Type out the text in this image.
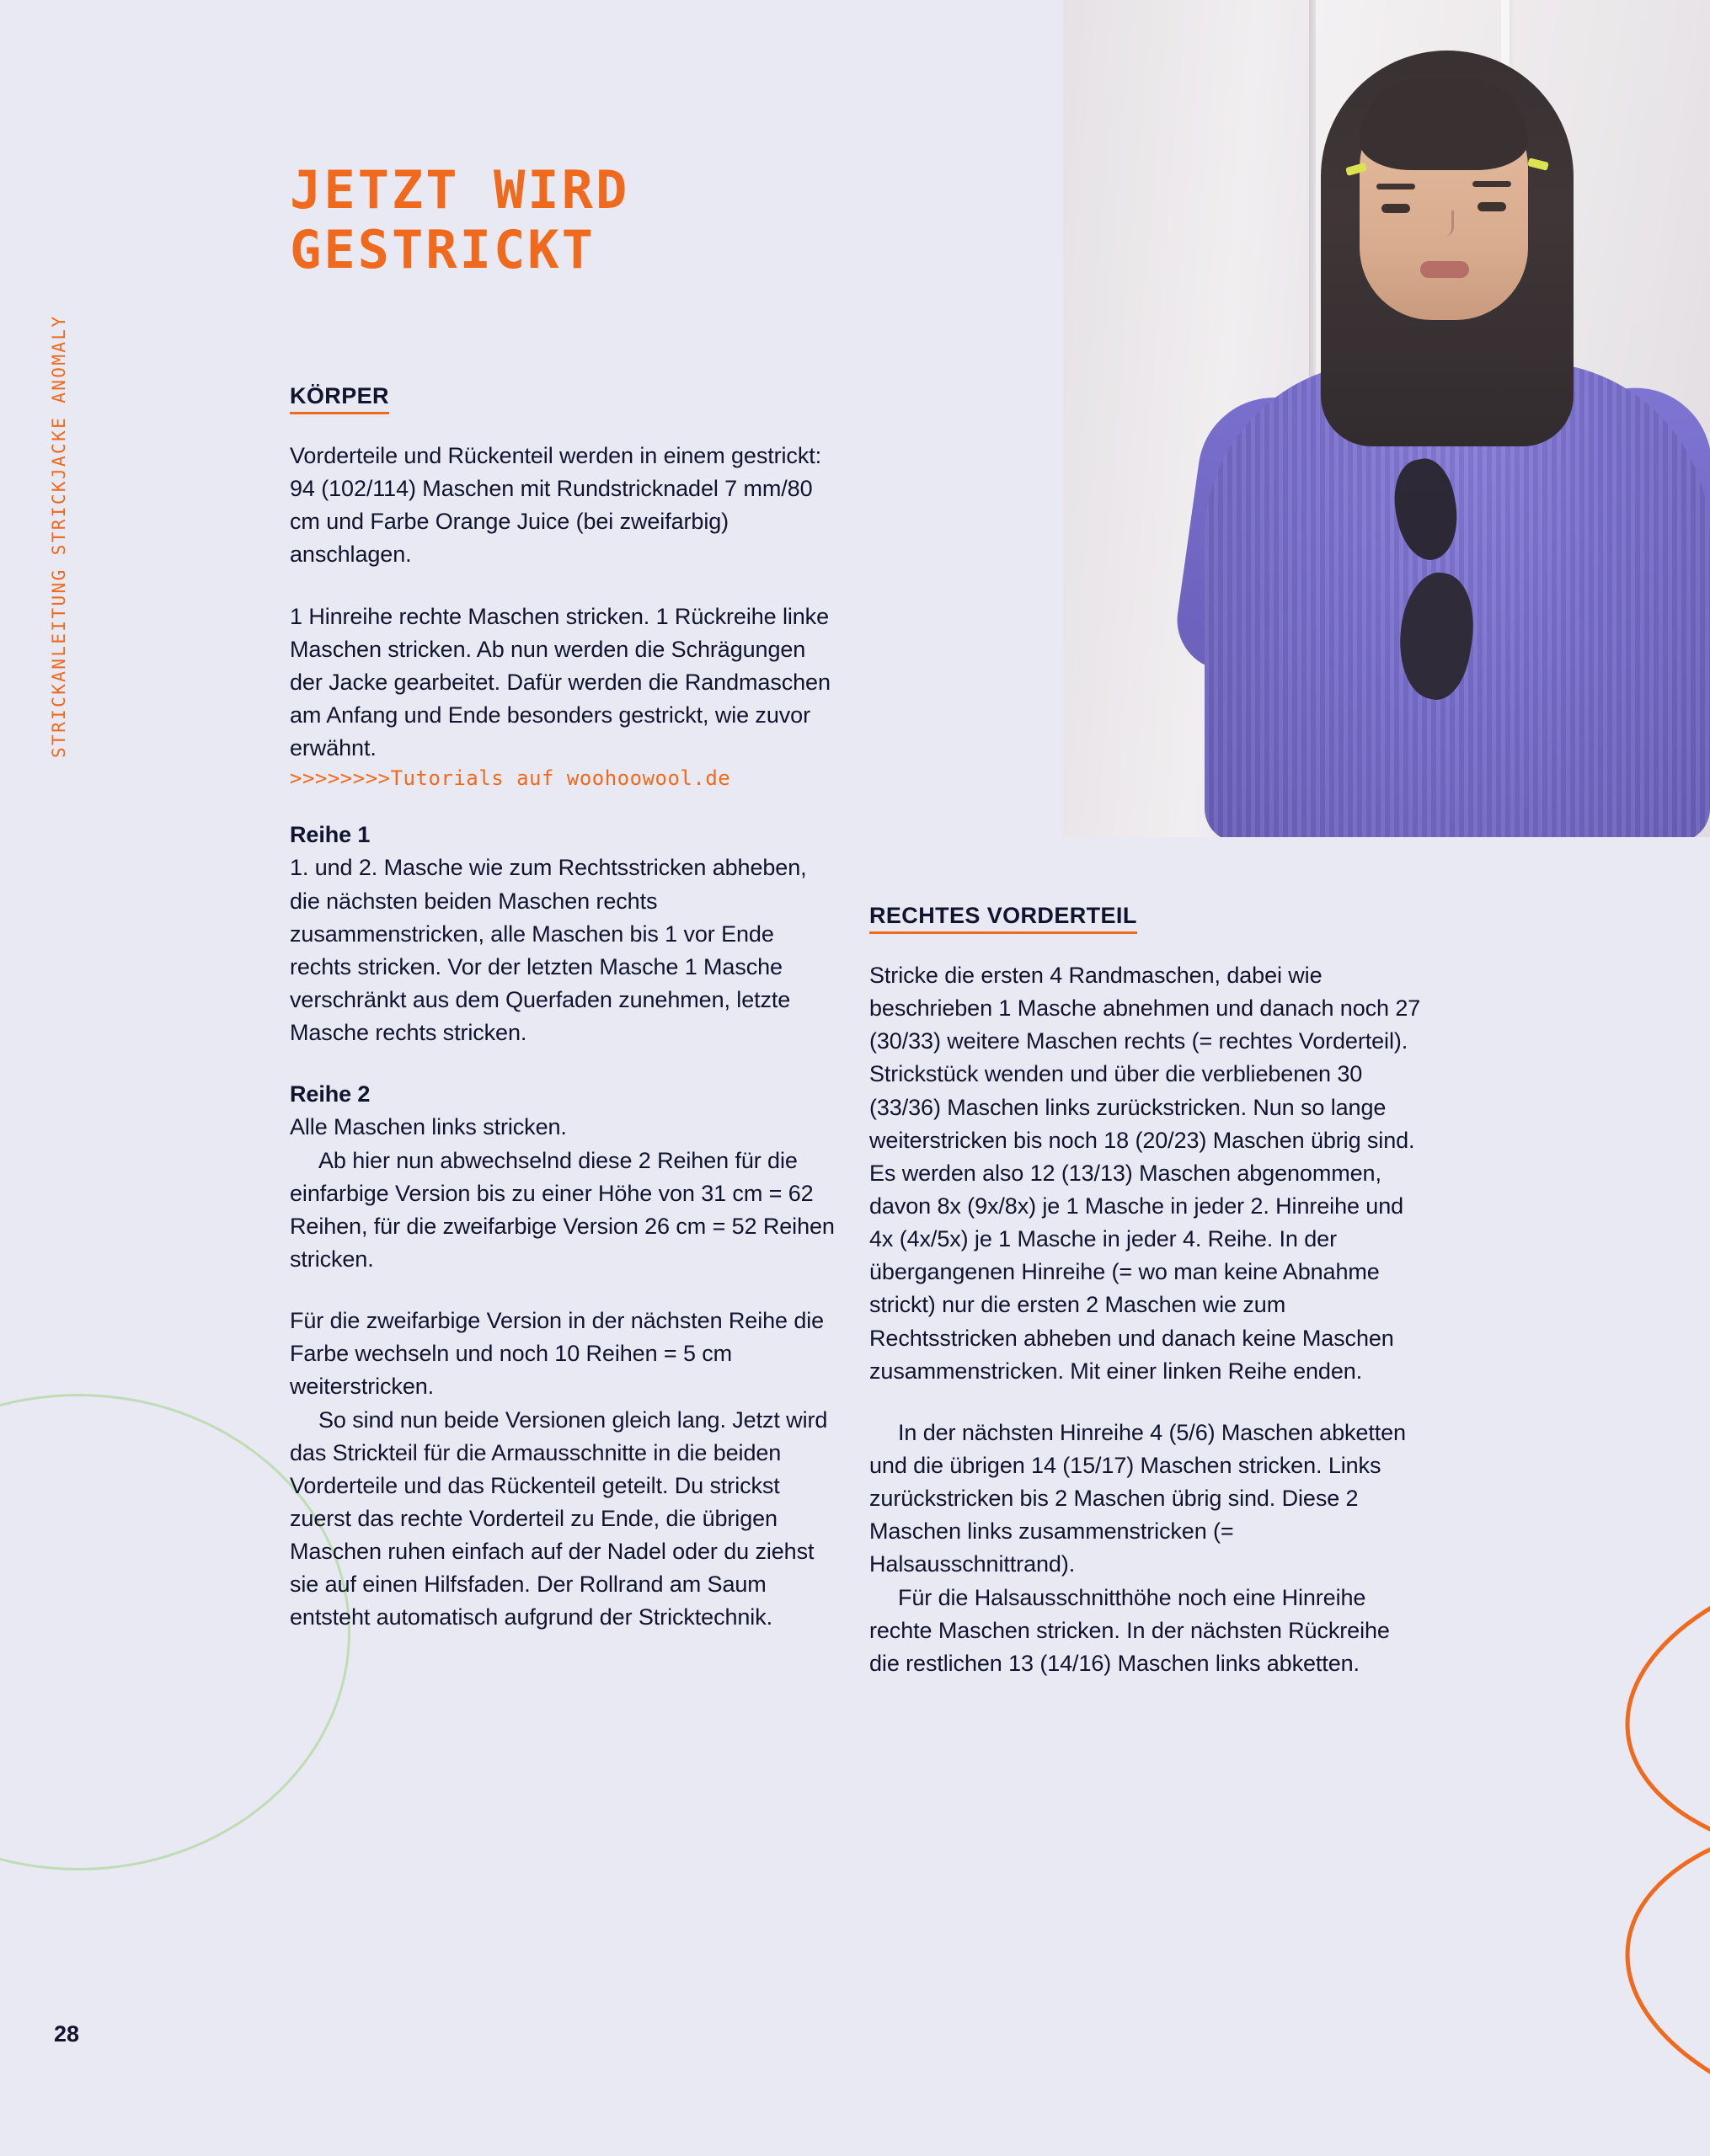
STRICKANLEITUNG STRICKJACKE ANOMALY
28
JETZT WIRD
GESTRICKT
KÖRPER

Vorderteile und Rückenteil werden in einem gestrickt: 94 (102/114) Maschen mit Rundstricknadel 7 mm/80 cm und Farbe Orange Juice (bei zweifarbig) anschlagen.

1 Hinreihe rechte Maschen stricken. 1 Rückreihe linke Maschen stricken. Ab nun werden die Schrägungen der Jacke gearbeitet. Dafür werden die Randmaschen am Anfang und Ende besonders gestrickt, wie zuvor erwähnt.

>>>>>>>>Tutorials auf woohoowool.de

Reihe 1

1. und 2. Masche wie zum Rechtsstricken abheben, die nächsten beiden Maschen rechts zusammenstricken, alle Maschen bis 1 vor Ende rechts stricken. Vor der letzten Masche 1 Masche verschränkt aus dem Querfaden zunehmen, letzte Masche rechts stricken.

Reihe 2

Alle Maschen links stricken.

Ab hier nun abwechselnd diese 2 Reihen für die einfarbige Version bis zu einer Höhe von 31 cm = 62 Reihen, für die zweifarbige Version 26 cm = 52 Reihen stricken.

Für die zweifarbige Version in der nächsten Reihe die Farbe wechseln und noch 10 Reihen = 5 cm weiterstricken.

So sind nun beide Versionen gleich lang. Jetzt wird das Strickteil für die Armausschnitte in die beiden Vorderteile und das Rückenteil geteilt. Du strickst zuerst das rechte Vorderteil zu Ende, die übrigen Maschen ruhen einfach auf der Nadel oder du ziehst sie auf einen Hilfsfaden. Der Rollrand am Saum entsteht automatisch aufgrund der Stricktechnik.

RECHTES VORDERTEIL

Stricke die ersten 4 Randmaschen, dabei wie beschrieben 1 Masche abnehmen und danach noch 27 (30/33) weitere Maschen rechts (= rechtes Vorderteil). Strickstück wenden und über die verbliebenen 30 (33/36) Maschen links zurückstricken. Nun so lange weiterstricken bis noch 18 (20/23) Maschen übrig sind. Es werden also 12 (13/13) Maschen abgenommen, davon 8x (9x/8x) je 1 Masche in jeder 2. Hinreihe und 4x (4x/5x) je 1 Masche in jeder 4. Reihe. In der übergangenen Hinreihe (= wo man keine Abnahme strickt) nur die ersten 2 Maschen wie zum Rechtsstricken abheben und danach keine Maschen zusammenstricken. Mit einer linken Reihe enden.

In der nächsten Hinreihe 4 (5/6) Maschen abketten und die übrigen 14 (15/17) Maschen stricken. Links zurückstricken bis 2 Maschen übrig sind. Diese 2 Maschen links zusammenstricken (= Halsausschnittrand).

Für die Halsausschnitthöhe noch eine Hinreihe rechte Maschen stricken. In der nächsten Rückreihe die restlichen 13 (14/16) Maschen links abketten.
